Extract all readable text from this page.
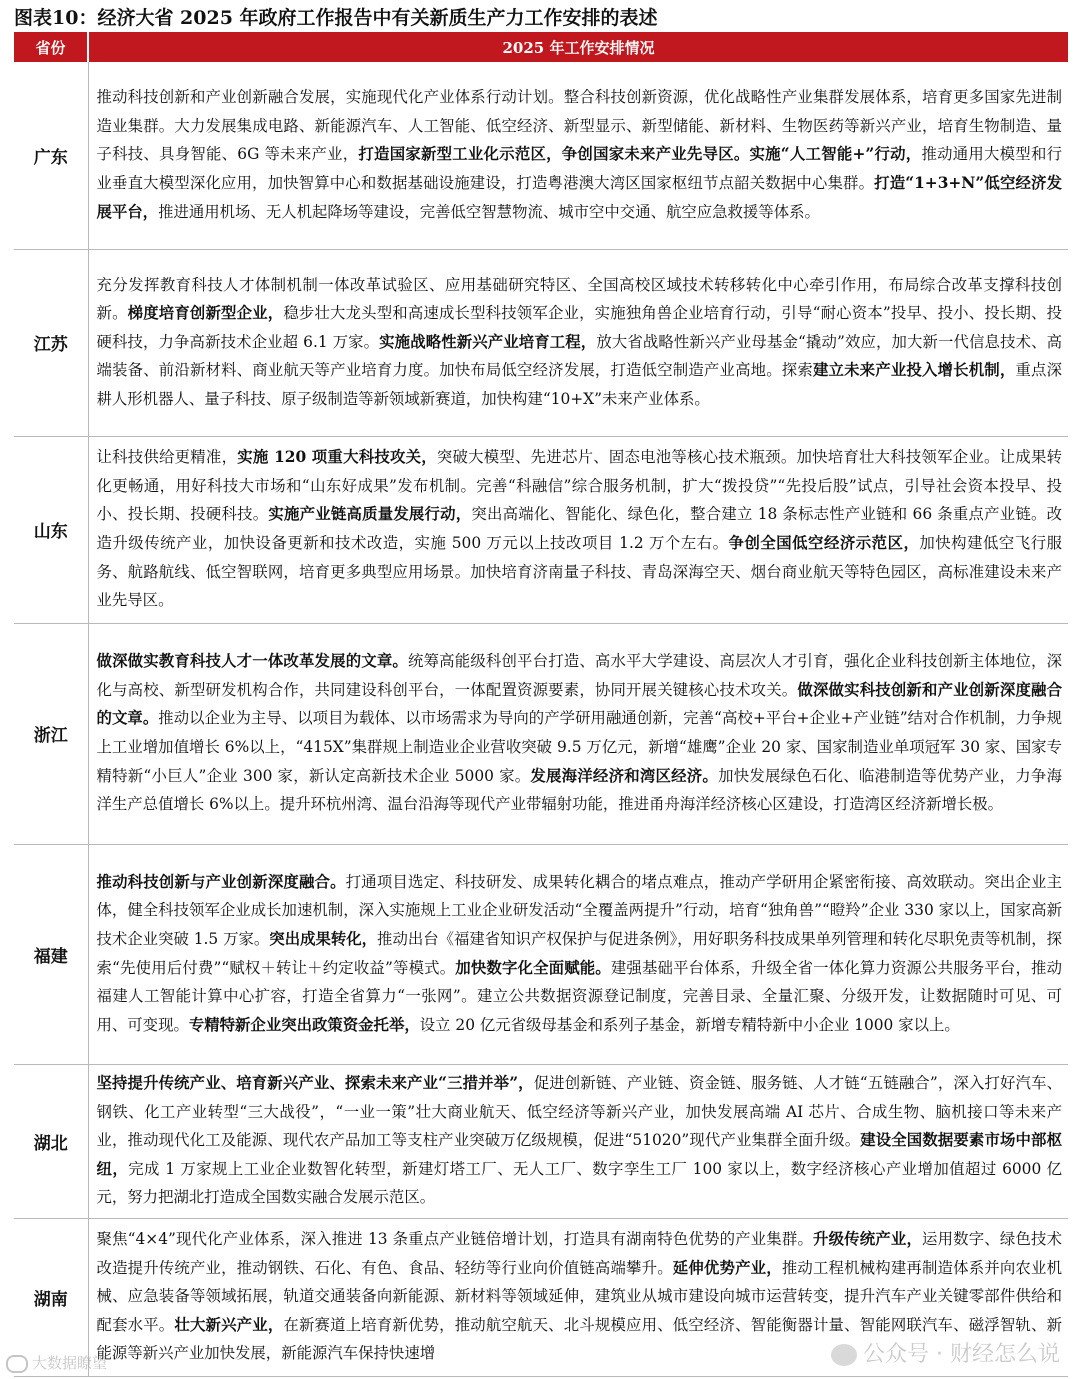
图表10：经济大省 2025 年政府工作报告中有关新质生产力工作安排的表述
省份	2025 年工作安排情况
广东	推动科技创新和产业创新融合发展，实施现代化产业体系行动计划。整合科技创新资源，优化战略性产业集群发展体系，培育更多国家先进制造业集群。大力发展集成电路、新能源汽车、人工智能、低空经济、新型显示、新型储能、新材料、生物医药等新兴产业，培育生物制造、量子科技、具身智能、6G 等未来产业，打造国家新型工业化示范区，争创国家未来产业先导区。实施“人工智能+”行动，推动通用大模型和行业垂直大模型深化应用，加快智算中心和数据基础设施建设，打造粤港澳大湾区国家枢纽节点韶关数据中心集群。打造“1+3+N”低空经济发展平台，推进通用机场、无人机起降场等建设，完善低空智慧物流、城市空中交通、航空应急救援等体系。
江苏	充分发挥教育科技人才体制机制一体改革试验区、应用基础研究特区、全国高校区域技术转移转化中心牵引作用，布局综合改革支撑科技创新。梯度培育创新型企业，稳步壮大龙头型和高速成长型科技领军企业，实施独角兽企业培育行动，引导“耐心资本”投早、投小、投长期、投硬科技，力争高新技术企业超 6.1 万家。实施战略性新兴产业培育工程，放大省战略性新兴产业母基金“撬动”效应，加大新一代信息技术、高端装备、前沿新材料、商业航天等产业培育力度。加快布局低空经济发展，打造低空制造产业高地。探索建立未来产业投入增长机制，重点深耕人形机器人、量子科技、原子级制造等新领域新赛道，加快构建“10+X”未来产业体系。
山东	让科技供给更精准，实施 120 项重大科技攻关，突破大模型、先进芯片、固态电池等核心技术瓶颈。加快培育壮大科技领军企业。让成果转化更畅通，用好科技大市场和“山东好成果”发布机制。完善“科融信”综合服务机制，扩大“拨投贷”“先投后股”试点，引导社会资本投早、投小、投长期、投硬科技。实施产业链高质量发展行动，突出高端化、智能化、绿色化，整合建立 18 条标志性产业链和 66 条重点产业链。改造升级传统产业，加快设备更新和技术改造，实施 500 万元以上技改项目 1.2 万个左右。争创全国低空经济示范区，加快构建低空飞行服务、航路航线、低空智联网，培育更多典型应用场景。加快培育济南量子科技、青岛深海空天、烟台商业航天等特色园区，高标准建设未来产业先导区。
浙江	做深做实教育科技人才一体改革发展的文章。统筹高能级科创平台打造、高水平大学建设、高层次人才引育，强化企业科技创新主体地位，深化与高校、新型研发机构合作，共同建设科创平台，一体配置资源要素，协同开展关键核心技术攻关。做深做实科技创新和产业创新深度融合的文章。推动以企业为主导、以项目为载体、以市场需求为导向的产学研用融通创新，完善“高校+平台+企业+产业链”结对合作机制，力争规上工业增加值增长 6%以上，“415X”集群规上制造业企业营收突破 9.5 万亿元，新增“雄鹰”企业 20 家、国家制造业单项冠军 30 家、国家专精特新“小巨人”企业 300 家，新认定高新技术企业 5000 家。发展海洋经济和湾区经济。加快发展绿色石化、临港制造等优势产业，力争海洋生产总值增长 6%以上。提升环杭州湾、温台沿海等现代产业带辐射功能，推进甬舟海洋经济核心区建设，打造湾区经济新增长极。
福建	推动科技创新与产业创新深度融合。打通项目选定、科技研发、成果转化耦合的堵点难点，推动产学研用企紧密衔接、高效联动。突出企业主体，健全科技领军企业成长加速机制，深入实施规上工业企业研发活动“全覆盖两提升”行动，培育“独角兽”“瞪羚”企业 330 家以上，国家高新技术企业突破 1.5 万家。突出成果转化，推动出台《福建省知识产权保护与促进条例》，用好职务科技成果单列管理和转化尽职免责等机制，探索“先使用后付费”“赋权＋转让＋约定收益”等模式。加快数字化全面赋能。建强基础平台体系，升级全省一体化算力资源公共服务平台，推动福建人工智能计算中心扩容，打造全省算力“一张网”。建立公共数据资源登记制度，完善目录、全量汇聚、分级开发，让数据随时可见、可用、可变现。专精特新企业突出政策资金托举，设立 20 亿元省级母基金和系列子基金，新增专精特新中小企业 1000 家以上。
湖北	坚持提升传统产业、培育新兴产业、探索未来产业“三措并举”，促进创新链、产业链、资金链、服务链、人才链“五链融合”，深入打好汽车、钢铁、化工产业转型“三大战役”，“一业一策”壮大商业航天、低空经济等新兴产业，加快发展高端 AI 芯片、合成生物、脑机接口等未来产业，推动现代化工及能源、现代农产品加工等支柱产业突破万亿级规模，促进“51020”现代产业集群全面升级。建设全国数据要素市场中部枢纽，完成 1 万家规上工业企业数智化转型，新建灯塔工厂、无人工厂、数字孪生工厂 100 家以上，数字经济核心产业增加值超过 6000 亿元，努力把湖北打造成全国数实融合发展示范区。
湖南	聚焦“4×4”现代化产业体系，深入推进 13 条重点产业链倍增计划，打造具有湖南特色优势的产业集群。升级传统产业，运用数字、绿色技术改造提升传统产业，推动钢铁、石化、有色、食品、轻纺等行业向价值链高端攀升。延伸优势产业，推动工程机械构建再制造体系并向农业机械、应急装备等领域拓展，轨道交通装备向新能源、新材料等领域延伸，建筑业从城市建设向城市运营转变，提升汽车产业关键零部件供给和配套水平。壮大新兴产业，在新赛道上培育新优势，推动航空航天、北斗规模应用、低空经济、智能衡器计量、智能网联汽车、磁浮智轨、新能源等新兴产业加快发展，新能源汽车保持快速增
大数据瞭望	公众号 · 财经怎么说
